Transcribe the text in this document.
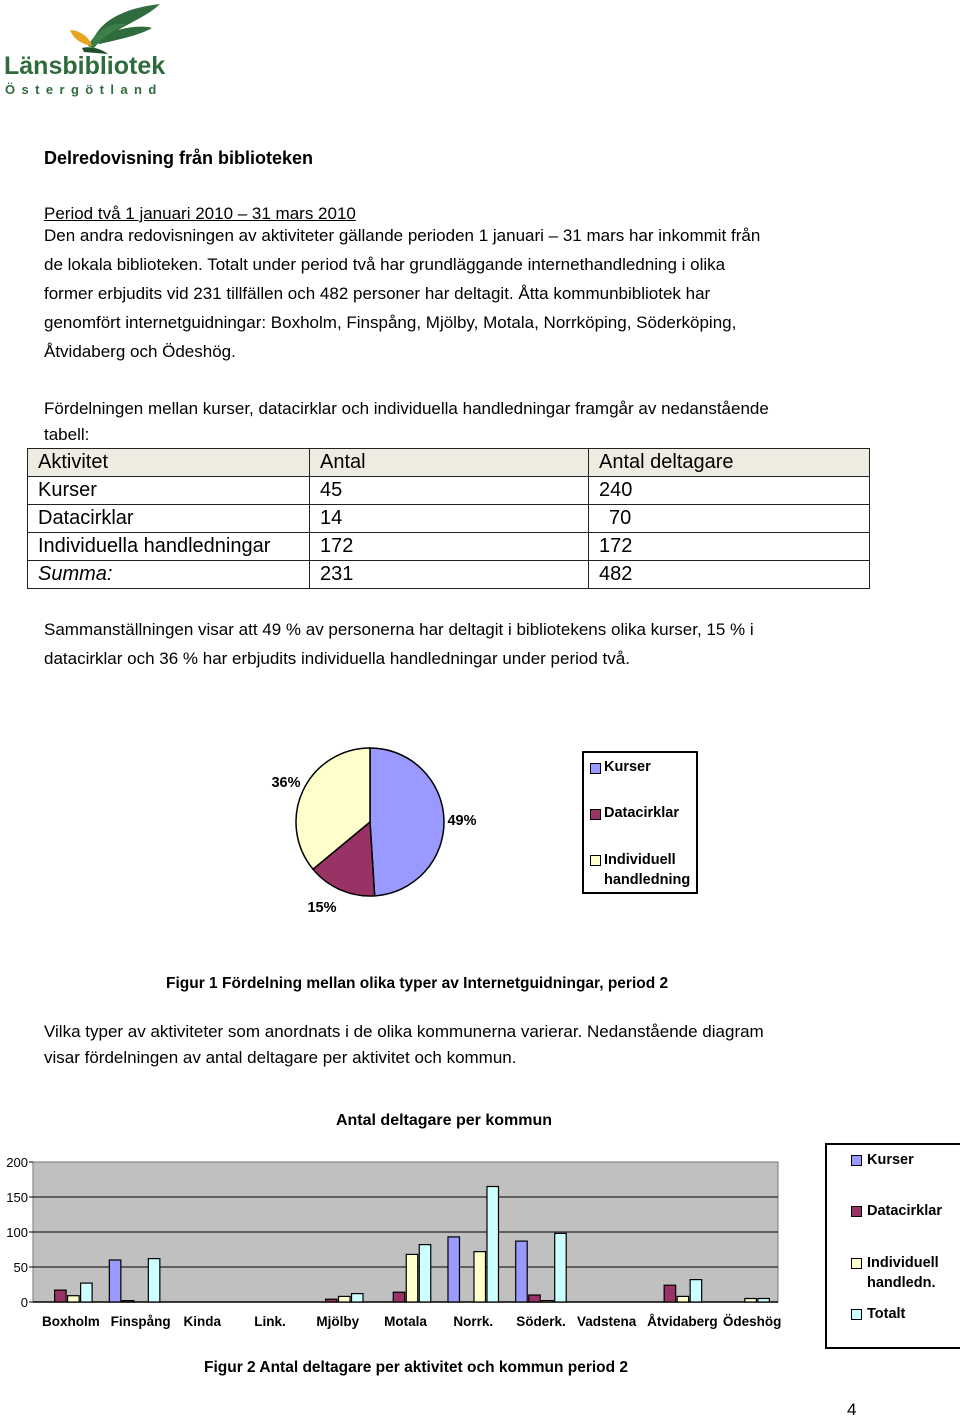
Länsbibliotek
Östergötland
Delredovisning från biblioteken
Period två 1 januari 2010 – 31 mars 2010
Den andra redovisningen av aktiviteter gällande perioden 1 januari – 31 mars har inkommit från
de lokala biblioteken. Totalt under period två har grundläggande internethandledning i olika
former erbjudits vid 231 tillfällen och 482 personer har deltagit. Åtta kommunbibliotek har
genomfört internetguidningar: Boxholm, Finspång, Mjölby, Motala, Norrköping, Söderköping,
Åtvidaberg och Ödeshög.
Fördelningen mellan kurser, datacirklar och individuella handledningar framgår av nedanstående
tabell:
Aktivitet	Antal	Antal deltagare
Kurser	45	240
Datacirklar	14	70
Individuella handledningar	172	172
Summa:	231	482
Sammanställningen visar att 49 % av personerna har deltagit i bibliotekens olika kurser, 15 % i
datacirklar och 36 % har erbjudits individuella handledningar under period två.
49%
15%
36%
Kurser
Datacirklar
Individuell
handledning
Figur 1 Fördelning mellan olika typer av Internetguidningar, period 2
Vilka typer av aktiviteter som anordnats i de olika kommunerna varierar. Nedanstående diagram
visar fördelningen av antal deltagare per aktivitet och kommun.
Antal deltagare per kommun
0
50
100
150
200
Boxholm Finspång Kinda Link. Mjölby Motala Norrk. Söderk. Vadstena Åtvidaberg Ödeshög
Kurser
Datacirklar
Individuell
handledn.
Totalt
Figur 2 Antal deltagare per aktivitet och kommun period 2
4
